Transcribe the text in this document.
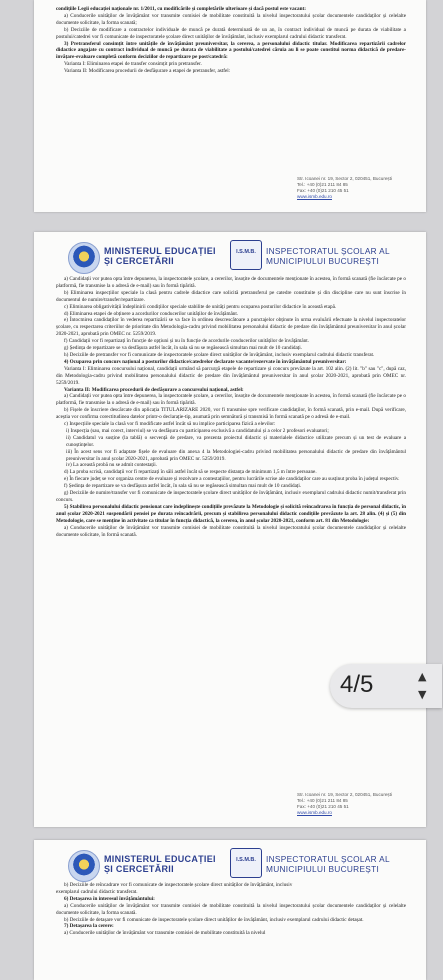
condițiile Legii educației naționale nr. 1/2011, cu modificările și completările ulterioare și dacă postul este vacant:

a) Conducerile unităților de învățământ vor transmite comisiei de mobilitate constituită la nivelul inspectoratului școlar documentele candidaților și celelalte documente solicitate, la forma scanată;

b) Deciziile de modificare a contractelor individuale de muncă pe durată determinată de un an, în contract individual de muncă pe durata de viabilitate a postului/catedrei vor fi comunicate de inspectoratele școlare direct unităților de învățământ, inclusiv exemplarul cadrului didactic transferat.

3) Pretransferul consimțit între unitățile de învățământ preuniversitar, la cererea, a personalului didactic titular. Modificarea repartizării cadrelor didactice angajate cu contract individual de muncă pe durata de viabilitate a postului/catedrei căruia au li se poate constitui norma didactică de predare-învățare-evaluare completă conform deciziilor de repartizare pe post/catedră:

Varianta I: Eliminarea etapei de transfer consimțit prin pretransfer.

Varianta II: Modificarea procedurii de desfășurare a etapei de pretransfer, astfel:

Str. Icoanei nr. 19, Sector 2, 020451, București
Tel.: +40 (0)21 211 84 85
Fax: +40 (0)21 210 45 51
www.ismb.edu.ro
MINISTERUL EDUCAȚIEI
ȘI CERCETĂRII
I.S.M.B.	INSPECTORATUL ȘCOLAR AL
MUNICIPIULUI BUCUREȘTI

a) Candidații vor putea opta între depunerea, la inspectoratele școlare, a cererilor, însoțite de documentele menționate în acestea, în formă scanată (fie încărcate pe o platformă, fie transmise la o adresă de e-mail) sau în formă tipărită.

b) Eliminarea inspecțiilor speciale la clasă pentru cadrele didactice care solicită pretransferul pe catedre constituite și din discipline care nu sunt înscrise în documentul de numire/transfer/repartizare.

c) Eliminarea obligativității îndeplinirii condițiilor speciale stabilite de unități pentru ocuparea posturilor didactice în această etapă.

d) Eliminarea etapei de obținere a acordurilor conducerilor unităților de învățământ.

e) Întocmirea candidaților în vederea repartizării se va face în ordinea descrescătoare a punctajelor obținute în urma evaluării efectuate la nivelul inspectoratelor școlare, cu respectarea criteriilor de prioritate din Metodologia-cadru privind mobilitatea personalului didactic de predare din învățământul preuniversitar în anul școlar 2020-2021, aprobată prin OMEC nr. 5259/2019.

f) Candidații vor fi repartizați în funcție de opțiuni și nu în funcție de acordurile conducerilor unităților de învățământ.

g) Ședința de repartizare se va desfășura astfel încât, în sala să nu se regăsească simultan mai mult de 10 candidați.

h) Deciziile de pretransfer vor fi comunicate de inspectoratele școlare direct unităților de învățământ, inclusiv exemplarul cadrului didactic transferat.

4) Ocuparea prin concurs național a posturilor didactice/catedrelor declarate vacante/rezervate în învățământul preuniversitar:

Varianta I: Eliminarea concursului național, candidații urmând să parcurgă etapele de repartizare și concurs prevăzute la art. 102 alin. (2) lit. "b" sau "c", după caz, din Metodologia-cadru privind mobilitatea personalului didactic de predare din învățământul preuniversitar în anul școlar 2020-2021, aprobată prin OMEC nr. 5259/2019.

Varianta II: Modificarea procedurii de desfășurare a concursului național, astfel:

a) Candidații vor putea opta între depunerea, la inspectoratele școlare, a cererilor, însoțite de documentele menționate în acestea, în formă scanată (fie încărcate pe o platformă, fie transmise la o adresă de e-mail) sau în formă tipărită.

b) Fișele de înscriere descărcate din aplicația TITULARIZARE 2020, vor fi transmise spre verificare candidaților, în formă scanată, prin e-mail. După verificare, aceștia vor confirma corectitudinea datelor printr-o declarație-tip, asumată prin semnătură și transmisă în formă scanată pe o adresă de e-mail.

c) Inspecțiile speciale la clasă vor fi modificate astfel încât să nu implice participarea fizică a elevilor:

i) Inspecția (sau, mai corect, interviul) se va desfășura cu participarea exclusivă a candidatului și a celor 2 profesori evaluatori;

ii) Candidatul va susține (la tablă) o secvență de predare, va prezenta proiectul didactic și materialele didactice utilizate precum și un test de evaluare a cunoștințelor.

iii) În acest sens vor fi adaptate fișele de evaluare din anexa 4 la Metodologiei-cadru privind mobilitatea personalului didactic de predare din învățământul preuniversitar în anul școlar 2020-2021, aprobată prin OMEC nr. 5259/2019.

iv) La această probă nu se admit contestații.

d) La proba scrisă, candidații vor fi repartizați în săli astfel încât să se respecte distanța de minimum 1,5 m între persoane.

e) În fiecare județ se vor organiza centre de evaluare și rezolvare a contestațiilor, pentru lucrările scrise ale candidaților care au susținut proba în județul respectiv.

f) Ședința de repartizare se va desfășura astfel încât, în sala să nu se regăsească simultan mai mult de 10 candidați.

g) Deciziile de numire/transfer vor fi comunicate de inspectoratele școlare direct unităților de învățământ, inclusiv exemplarul cadrului didactic numit/transferat prin concurs.

5) Stabilirea personalului didactic pensionat care îndeplinește condițiile prevăzute la Metodologie și solicită reîncadrarea în funcția de personal didactic, în anul școlar 2020-2021 suspendării pensiei pe durata reîncadrării, precum și stabilirea personalului didactic condițiile prevăzute la art. 28 alin. (4) și (5) din Metodologie, care se menține în activitate ca titular în funcția didactică, la cererea, în anul școlar 2020-2021, conform art. 81 din Metodologie:

a) Conducerile unităților de învățământ vor transmite comisiei de mobilitate constituită la nivelul inspectoratului școlar documentele candidaților și celelalte documente solicitate, în formă scanată.

Str. Icoanei nr. 19, Sector 2, 020451, București
Tel.: +40 (0)21 211 84 85
Fax: +40 (0)21 210 45 51
www.ismb.edu.ro
MINISTERUL EDUCAȚIEI
ȘI CERCETĂRII
I.S.M.B.	INSPECTORATUL ȘCOLAR AL
MUNICIPIULUI BUCUREȘTI

b) Deciziile de reîncadrare vor fi comunicate de inspectoratele școlare direct unităților de învățământ, inclusiv

exemplarul cadrului didactic transferat.

6) Detașarea în interesul învățământului:

a) Conducerile unităților de învățământ vor transmite comisiei de mobilitate constituită la nivelul inspectoratului școlar documentele candidaților și celelalte documente solicitate, la forma scanată.

b) Deciziile de detașare vor fi comunicate de inspectoratele școlare direct unităților de învățământ, inclusiv exemplarul cadrului didactic detașat.

7) Detașarea la cerere:

a) Conducerile unităților de învățământ vor transmite comisiei de mobilitate constituită la nivelul

4/5	▲
▼
